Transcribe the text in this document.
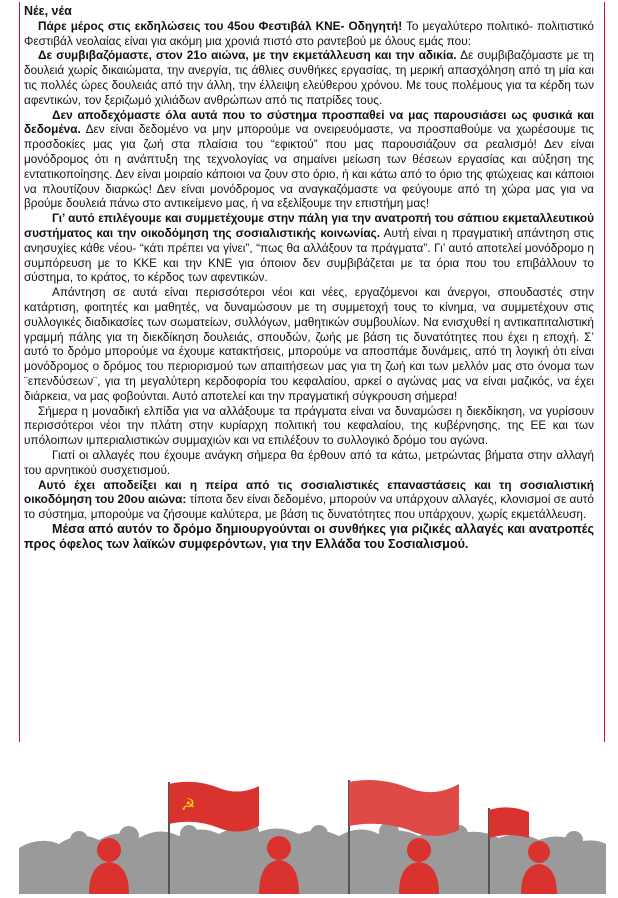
Νέε, νέα

Πάρε μέρος στις εκδηλώσεις του 45ου Φεστιβάλ ΚΝΕ- Οδηγητή! Το μεγαλύτερο πολιτικό- πολιτιστικό Φεστιβάλ νεολαίας είναι για ακόμη μια χρονιά πιστό στο ραντεβού με όλους εμάς που:

Δε συμβιβαζόμαστε, στον 21ο αιώνα, με την εκμετάλλευση και την αδικία. Δε συμβιβαζόμαστε με τη δουλειά χωρίς δικαιώματα, την ανεργία, τις άθλιες συνθήκες εργασίας, τη μερική απασχόληση από τη μία και τις πολλές ώρες δουλειάς από την άλλη, την έλλειψη ελεύθερου χρόνου. Με τους πολέμους για τα κέρδη των αφεντικών, τον ξεριζωμό χιλιάδων ανθρώπων από τις πατρίδες τους.

Δεν αποδεχόμαστε όλα αυτά που το σύστημα προσπαθεί να μας παρουσιάσει ως φυσικά και δεδομένα. Δεν είναι δεδομένο να μην μπορούμε να ονειρευόμαστε, να προσπαθούμε να χωρέσουμε τις προσδοκίες μας για ζωή στα πλαίσια του “εφικτού” που μας παρουσιάζουν σα ρεαλισμό! Δεν είναι μονόδρομος ότι η ανάπτυξη της τεχνολογίας να σημαίνει μείωση των θέσεων εργασίας και αύξηση της εντατικοποίησης. Δεν είναι μοιραίο κάποιοι να ζουν στο όριο, ή και κάτω από το όριο της φτώχειας και κάποιοι να πλουτίζουν διαρκώς! Δεν είναι μονόδρομος να αναγκαζόμαστε να φεύγουμε από τη χώρα μας για να βρούμε δουλειά πάνω στο αντικείμενο μας, ή να εξελίξουμε την επιστήμη μας!

Γι’ αυτό επιλέγουμε και συμμετέχουμε στην πάλη για την ανατροπή του σάπιου εκμεταλλευτικού συστήματος και την οικοδόμηση της σοσιαλιστικής κοινωνίας. Αυτή είναι η πραγματική απάντηση στις ανησυχίες κάθε νέου- “κάτι πρέπει να γίνει”, “πως θα αλλάξουν τα πράγματα”. Γι’ αυτό αποτελεί μονόδρομο η συμπόρευση με το ΚΚΕ και την ΚΝΕ για όποιον δεν συμβιβάζεται με τα όρια που του επιβάλλουν το σύστημα, το κράτος, το κέρδος των αφεντικών.

Απάντηση σε αυτά είναι περισσότεροι νέοι και νέες, εργαζόμενοι και άνεργοι, σπουδαστές στην κατάρτιση, φοιτητές και μαθητές, να δυναμώσουν με τη συμμετοχή τους το κίνημα, να συμμετέχουν στις συλλογικές διαδικασίες των σωματείων, συλλόγων, μαθητικών συμβουλίων. Να ενισχυθεί η αντικαπιταλιστική γραμμή πάλης για τη διεκδίκηση δουλειάς, σπουδών, ζωής με βάση τις δυνατότητες που έχει η εποχή. Σ’ αυτό το δρόμο μπορούμε να έχουμε κατακτήσεις, μπορούμε να αποσπάμε δυνάμεις, από τη λογική ότι είναι μονόδρομος ο δρόμος του περιορισμού των απαιτήσεων μας για τη ζωή και των μελλόν μας στο όνομα των ¨επενδύσεων¨, για τη μεγαλύτερη κερδοφορία του κεφαλαίου, αρκεί ο αγώνας μας να είναι μαζικός, να έχει διάρκεια, να μας φοβούνται. Αυτό αποτελεί και την πραγματική σύγκρουση σήμερα!

Σήμερα η μοναδική ελπίδα για να αλλάξουμε τα πράγματα είναι να δυναμώσει η διεκδίκηση, να γυρίσουν περισσότεροι νέοι την πλάτη στην κυρίαρχη πολιτική του κεφαλαίου, της κυβέρνησης, της ΕΕ και των υπόλοιπων ιμπεριαλιστικών συμμαχιών και να επιλέξουν το συλλογικό δρόμο του αγώνα.

Γιατί οι αλλαγές που έχουμε ανάγκη σήμερα θα έρθουν από τα κάτω, μετρώντας βήματα στην αλλαγή του αρνητικού συσχετισμού.

Αυτό έχει αποδείξει και η πείρα από τις σοσιαλιστικές επαναστάσεις και τη σοσιαλιστική οικοδόμηση του 20ου αιώνα: τίποτα δεν είναι δεδομένο, μπορούν να υπάρχουν αλλαγές, κλονισμοί σε αυτό το σύστημα, μπορούμε να ζήσουμε καλύτερα, με βάση τις δυνατότητες που υπάρχουν, χωρίς εκμετάλλευση.

Μέσα από αυτόν το δρόμο δημιουργούνται οι συνθήκες για ριζικές αλλαγές και ανατροπές προς όφελος των λαϊκών συμφερόντων, για την Ελλάδα του Σοσιαλισμού.

☭
